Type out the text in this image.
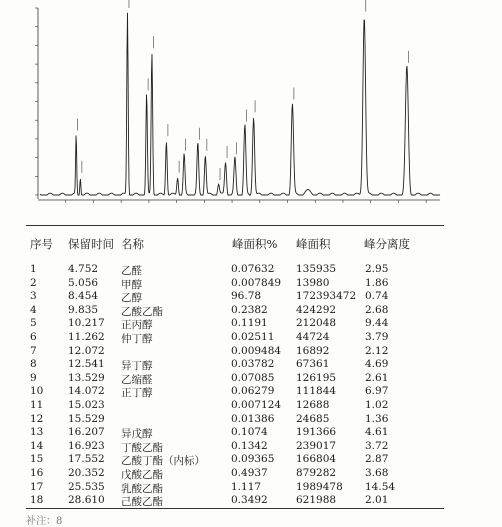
序号 保留时间 名称	峰面积% 峰面积	峰分离度
1	4.752 乙醛	0.07632 135935	2.95
2	5.056 甲醇	0.007849 13980	1.86
3	8.454 乙醇	96.78	172393472 0.74
4	9.835 乙酸乙酯	0.2382	424292	2.68
5	10.217 正丙醇	0.1191	212048	9.44
6	11.262 仲丁醇	0.02511 44724	3.79
7	12.072	0.009484 16892	2.12
8	12.541 异丁醇	0.03782 67361	4.69
9	13.529 乙缩醛	0.07085 126195	2.61
10 14.072 正丁醇	0.06279 111844	6.97
11 15.023	0.007124 12688	1.02
12 15.529	0.01386 24685	1.36
13 16.207 异戊醇	0.1074	191366	4.61
14 16.923 丁酸乙酯	0.1342	239017	3.72
15 17.552 乙酸丁酯（内标） 0.09365 166804	2.87
16 20.352 戊酸乙酯	0.4937	879282	3.68
17 25.535 乳酸乙酯	1.117	1989478 14.54
18 28.610 己酸乙酯	0.3492	621988	2.01
补注：8
